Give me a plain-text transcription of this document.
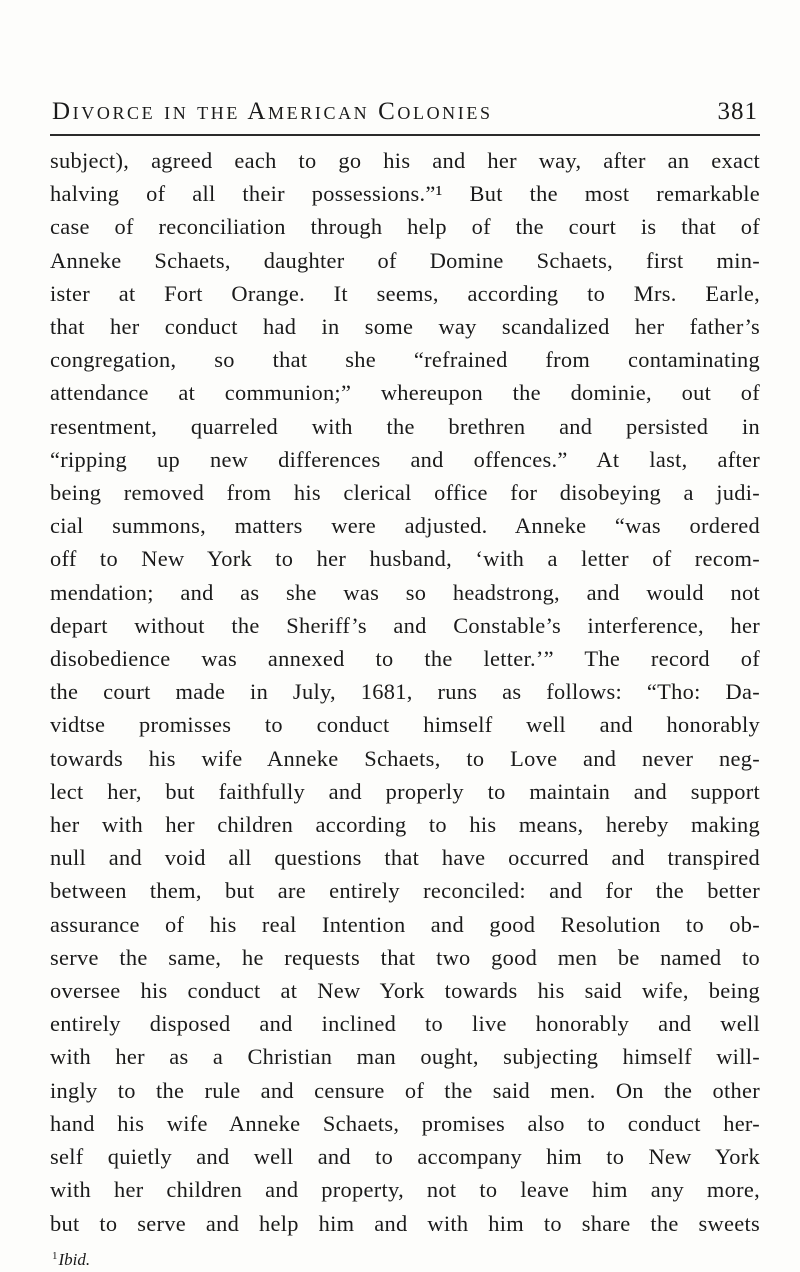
Divorce in the American Colonies	381
subject), agreed each to go his and her way, after an exact
halving of all their possessions.”¹ But the most remarkable
case of reconciliation through help of the court is that of
Anneke Schaets, daughter of Domine Schaets, first min-
ister at Fort Orange. It seems, according to Mrs. Earle,
that her conduct had in some way scandalized her father’s
congregation, so that she “refrained from contaminating
attendance at communion;” whereupon the dominie, out of
resentment, quarreled with the brethren and persisted in
“ripping up new differences and offences.” At last, after
being removed from his clerical office for disobeying a judi-
cial summons, matters were adjusted. Anneke “was ordered
off to New York to her husband, ‘with a letter of recom-
mendation; and as she was so headstrong, and would not
depart without the Sheriff’s and Constable’s interference, her
disobedience was annexed to the letter.’” The record of
the court made in July, 1681, runs as follows: “Tho: Da-
vidtse promisses to conduct himself well and honorably
towards his wife Anneke Schaets, to Love and never neg-
lect her, but faithfully and properly to maintain and support
her with her children according to his means, hereby making
null and void all questions that have occurred and transpired
between them, but are entirely reconciled: and for the better
assurance of his real Intention and good Resolution to ob-
serve the same, he requests that two good men be named to
oversee his conduct at New York towards his said wife, being
entirely disposed and inclined to live honorably and well
with her as a Christian man ought, subjecting himself will-
ingly to the rule and censure of the said men. On the other
hand his wife Anneke Schaets, promises also to conduct her-
self quietly and well and to accompany him to New York
with her children and property, not to leave him any more,
but to serve and help him and with him to share the sweets
$^1$Ibid.
